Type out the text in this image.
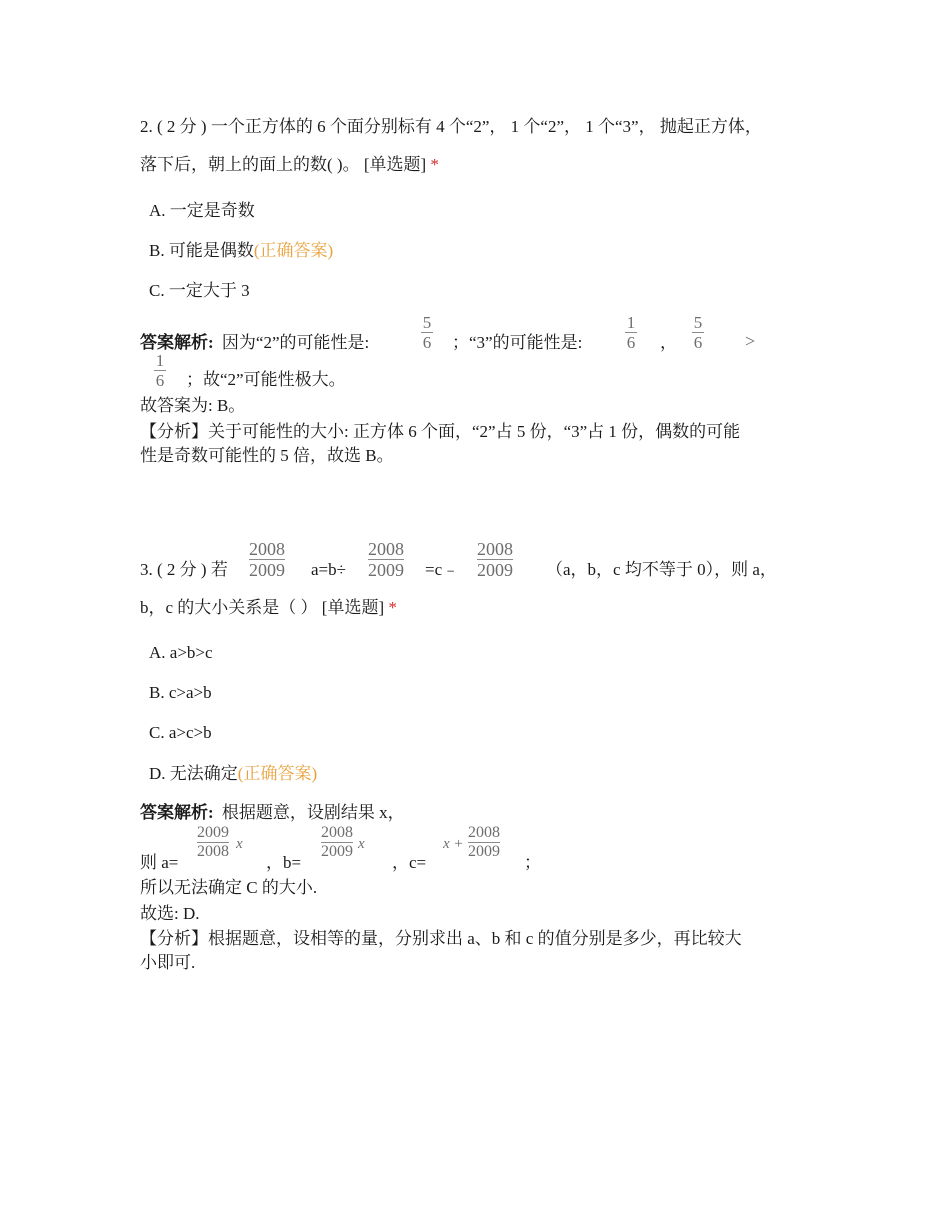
2. ( 2 分 ) 一个正方体的 6 个面分别标有 4 个“2”， 1 个“2”， 1 个“3”， 抛起正方体，
落下后，朝上的面上的数( )。 [单选题] *
A. 一定是奇数
B. 可能是偶数(正确答案)
C. 一定大于 3
答案解析: 因为“2”的可能性是:
5
6 ；“3”的可能性是:
1
6 ，
5
6 >
1
6 ；故“2”可能性极大。
故答案为: B。
【分析】关于可能性的大小: 正方体 6 个面，“2”占 5 份，“3”占 1 份，偶数的可能
性是奇数可能性的 5 倍，故选 B。
3. ( 2 分 ) 若
2008
2009 a=b÷
2008
2009 =c﹣
2008
2009 （a，b，c 均不等于 0），则 a，
b，c 的大小关系是（ ） [单选题] *
A. a>b>c
B. c>a>b
C. a>c>b
D. 无法确定(正确答案)
答案解析: 根据题意，设剧结果 x，
则 a=
2009
2008 x
，b=
2008
2009 x
，c=
x +
2008
2009
；
所以无法确定 C 的大小.
故选: D.
【分析】根据题意，设相等的量，分别求出 a、b 和 c 的值分别是多少，再比较大
小即可.
